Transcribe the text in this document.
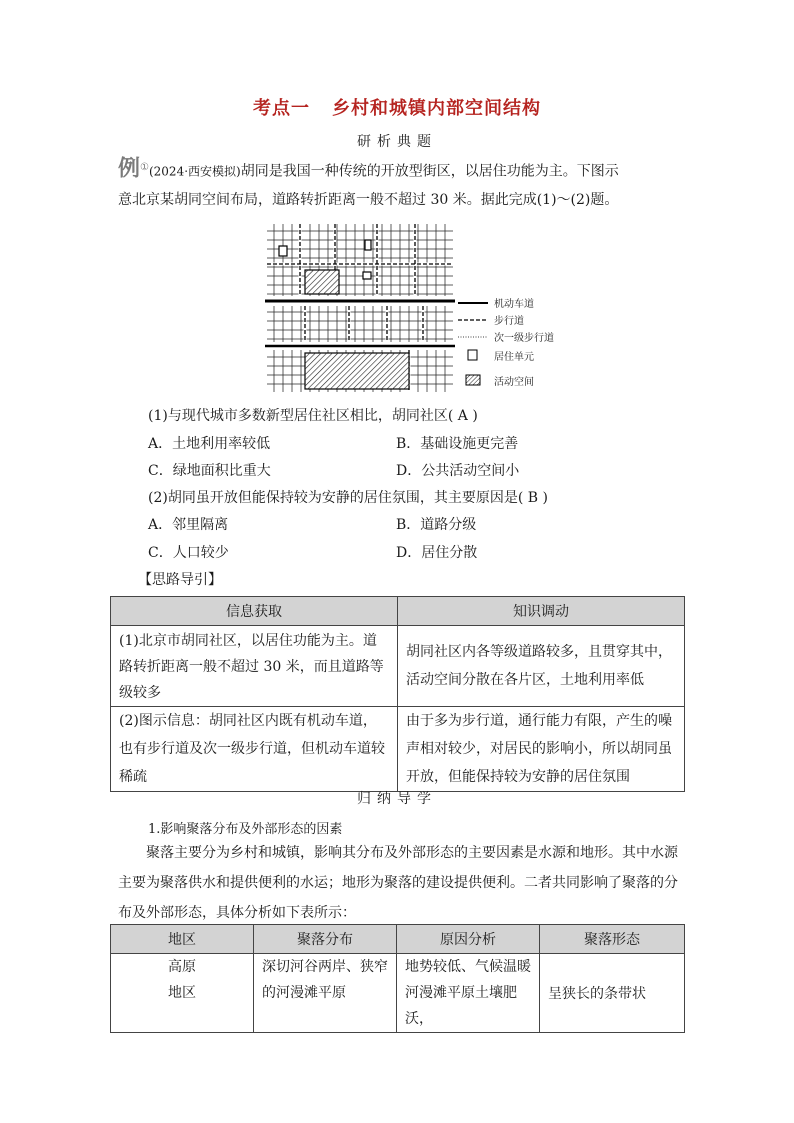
考点一 乡村和城镇内部空间结构
研析典题
例①(2024·西安模拟)胡同是我国一种传统的开放型街区，以居住功能为主。下图示
意北京某胡同空间布局，道路转折距离一般不超过 30 米。据此完成(1)～(2)题。
机动车道
步行道
次一级步行道
居住单元
活动空间
(1)与现代城市多数新型居住社区相比，胡同社区( A )
A．土地利用率较低	B．基础设施更完善
C．绿地面积比重大	D．公共活动空间小
(2)胡同虽开放但能保持较为安静的居住氛围，其主要原因是( B )
A．邻里隔离	B．道路分级
C．人口较少	D．居住分散
【思路导引】
信息获取	知识调动
(1)北京市胡同社区，以居住功能为主。道路转折距离一般不超过 30 米，而且道路等级较多	胡同社区内各等级道路较多，且贯穿其中，活动空间分散在各片区，土地利用率低
(2)图示信息：胡同社区内既有机动车道，也有步行道及次一级步行道，但机动车道较稀疏	由于多为步行道，通行能力有限，产生的噪声相对较少，对居民的影响小，所以胡同虽开放，但能保持较为安静的居住氛围
归纳导学
1.影响聚落分布及外部形态的因素
聚落主要分为乡村和城镇，影响其分布及外部形态的主要因素是水源和地形。其中水源主要为聚落供水和提供便利的水运；地形为聚落的建设提供便利。二者共同影响了聚落的分布及外部形态，具体分析如下表所示：
地区	聚落分布	原因分析	聚落形态

高原地区	深切河谷两岸、狭窄的河漫滩平原	地势较低、气候温暖河漫滩平原土壤肥沃，	呈狭长的条带状
